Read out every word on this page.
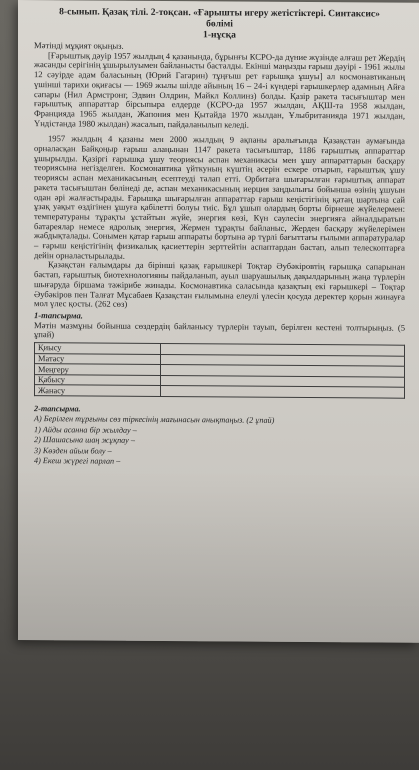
8-сынып. Қазақ тілі. 2-тоқсан. «Ғарышты игеру жетістіктері. Синтаксис»
бөлімі
1-нұсқа

Мәтінді мұқият оқыңыз.

[Ғарыштық дәуір 1957 жылдың 4 қазанында, бұрынғы КСРО-да дүние жүзінде алғаш рет Жердің жасанды серігінің ұшырылуымен байланысты басталды. Екінші маңызды ғарыш дәуірі - 1961 жылы 12 сәуірде адам баласының (Юрий Гагарин) тұңғыш рет ғарышқа ұшуы] ал космонавтиканың үшінші тарихи оқиғасы — 1969 жылы шілде айының 16 – 24-і күндері ғарышкерлер адамның Айға сапары (Нил Армстронг, Эдвин Олдрин, Майкл Коллинз) болды. Қазір ракета тасығыштар мен ғарыштық аппараттар бірсыпыра елдерде (КСРО-да 1957 жылдан, АҚШ-та 1958 жылдан, Францияда 1965 жылдан, Жапония мен Қытайда 1970 жылдан, Ұлыбританияда 1971 жылдан, Үндістанда 1980 жылдан) жасалып, пайдаланылып келеді.

1957 жылдың 4 қазаны мен 2000 жылдың 9 ақпаны аралығында Қазақстан аумағында орналасқан Байқоңыр ғарыш алаңынан 1147 ракета тасығыштар, 1186 ғарыштық аппараттар ұшырылды. Қазіргі ғарышқа ұшу теориясы аспан механикасы мен ұшу аппараттарын басқару теориясына негізделген. Космонавтика үйткуның күштің әсерін ескере отырып, ғарыштық ұшу теориясы аспан механикасының есептеуді талап етті. Орбитаға шығарылған ғарыштық аппарат ракета тасығыштан бөлінеді де, аспан механикасының иерция заңдылығы бойынша өзінің ұшуын одан әрі жалғастырады. Ғарышқа шығарылған аппараттар ғарыш кеңістігінің қатаң шартына сай ұзақ уақыт өздігінен ұшуға қабілетті болуы тиіс. Бұл ұшып олардың борты бірнеше жүйелермен: температураны тұрақты ұстайтын жүйе, энергия көзі, Күн сәулесін энергияға айналдыратын батареялар немесе ядролық энергия, Жермен тұрақты байланыс, Жерден басқару жүйелерімен жабдықталады. Сонымен қатар ғарыш аппараты бортына әр түрлі бағыттағы ғылыми аппаратуралар – ғарыш кеңістігінің физикалық қасиеттерін зерттейтін аспаптардан бастап, алып телескоптарға дейін орналастырылады.

Қазақстан ғалымдары да бірінші қазақ ғарышкері Тоқтар Әубәкіровтің ғарышқа сапарынан бастап, ғарыштық биотехнологияны пайдаланып, ауыл шаруашылық дақылдарының жаңа түрлерін шығаруда біршама тәжірибе жинады. Космонавтика саласында қазақтың екі ғарышкері – Тоқтар Әубәкіров пен Талғат Мұсабаев Қазақстан ғылымына елеулі үлесін қосуда деректер қорын жинауға мол үлес қосты. (262 сөз)

1-тапсырма.

Мәтін мазмұны бойынша сөздердің байланысу түрлерін тауып, берілген кестені толтырыңыз. (5 ұпай)

Қиысу	
Матасу	
Меңгеру	
Қабысу	
Жанасу	

2-тапсырма.

А) Берілген тұрғыны сөз тіркесінің мағынасын анықтаңыз. (2 ұпай)

1) Айды асанна бір жылдау –

2) Шашасына шаң жұқпау –

3) Көзден айым болу –

4) Екеш жүрегі парлап –
